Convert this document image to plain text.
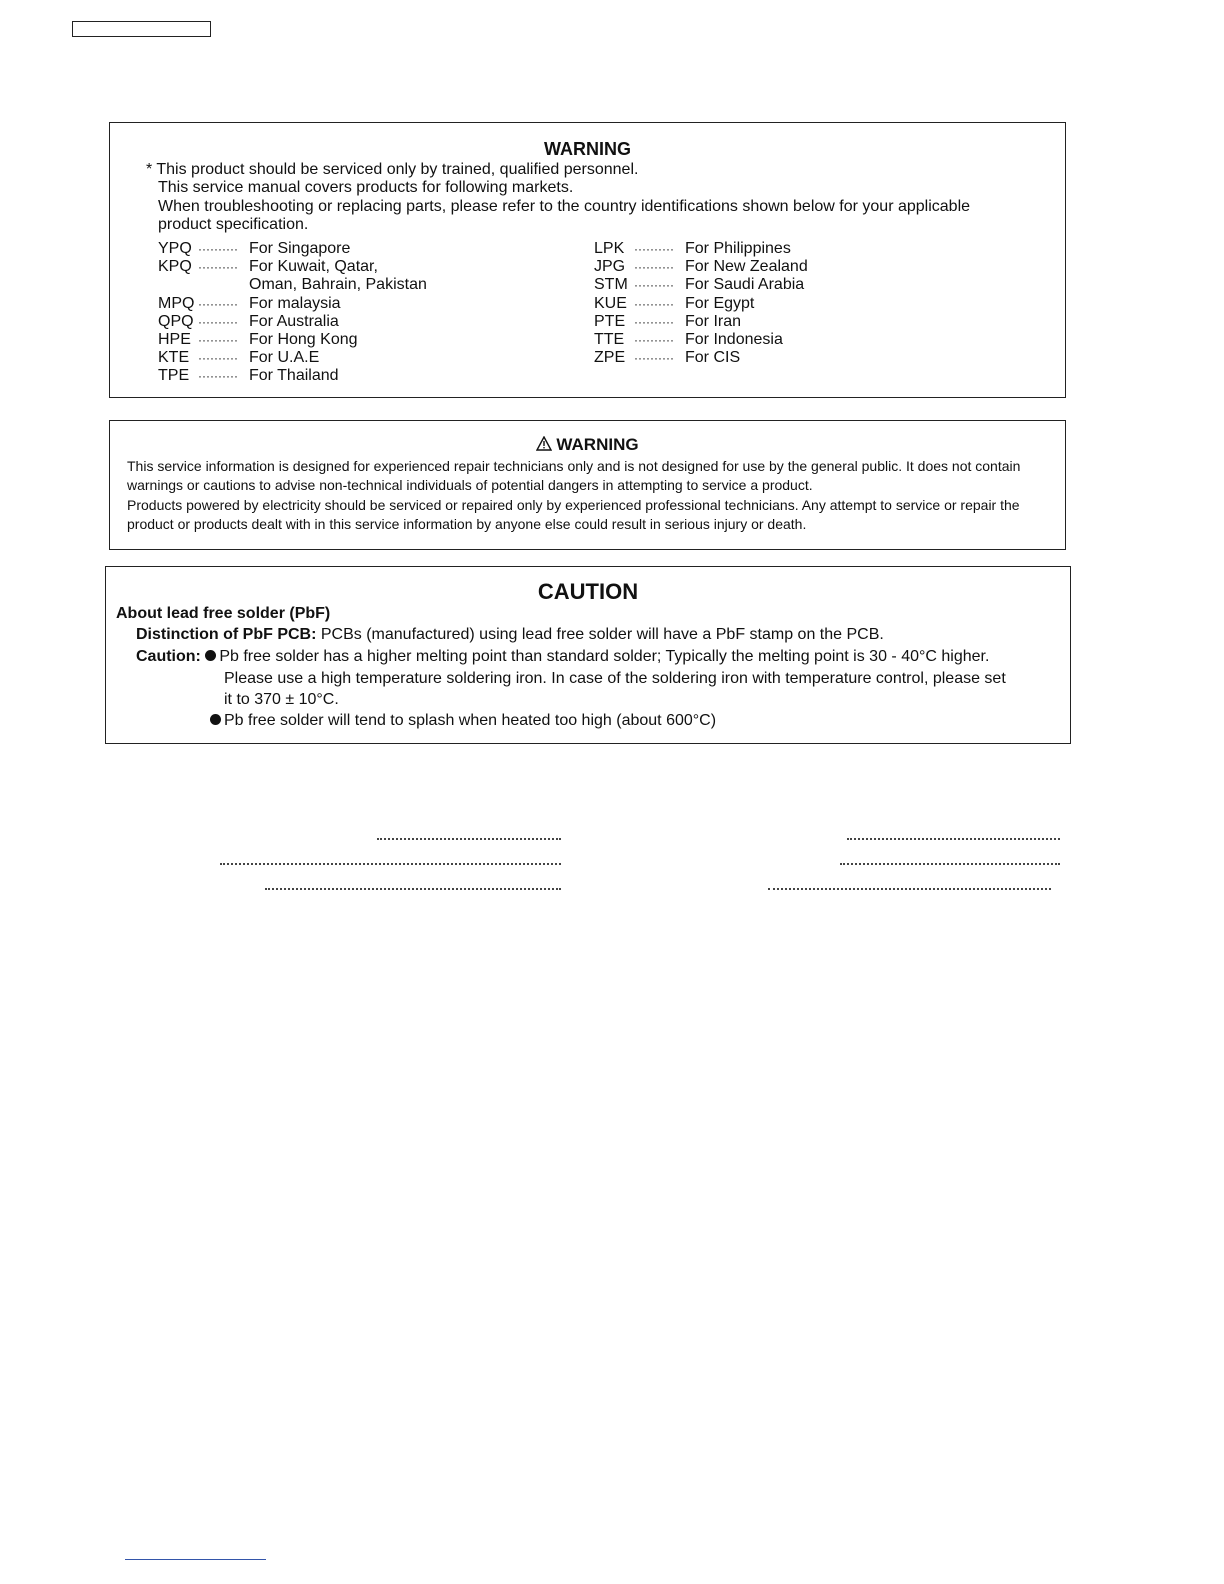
WARNING
* This product should be serviced only by trained, qualified personnel.
This service manual covers products for following markets.
When troubleshooting or replacing parts, please refer to the country identifications shown below for your applicable
product specification.
YPQ ·········· For Singapore
KPQ ·········· For Kuwait, Qatar,
Oman, Bahrain, Pakistan
MPQ ·········· For malaysia
QPQ ·········· For Australia
HPE ·········· For Hong Kong
KTE ·········· For U.A.E
TPE ·········· For Thailand
LPK ·········· For Philippines
JPG ·········· For New Zealand
STM ·········· For Saudi Arabia
KUE ·········· For Egypt
PTE ·········· For Iran
TTE ·········· For Indonesia
ZPE ·········· For CIS
WARNING
This service information is designed for experienced repair technicians only and is not designed for use by the general public. It does not contain warnings or cautions to advise non-technical individuals of potential dangers in attempting to service a product.
Products powered by electricity should be serviced or repaired only by experienced professional technicians. Any attempt to service or repair the product or products dealt with in this service information by anyone else could result in serious injury or death.
CAUTION
About lead free solder (PbF)
Distinction of PbF PCB: PCBs (manufactured) using lead free solder will have a PbF stamp on the PCB.
Caution: Pb free solder has a higher melting point than standard solder; Typically the melting point is 30 - 40°C higher.
Please use a high temperature soldering iron. In case of the soldering iron with temperature control, please set
it to 370 ± 10°C.
Pb free solder will tend to splash when heated too high (about 600°C)
